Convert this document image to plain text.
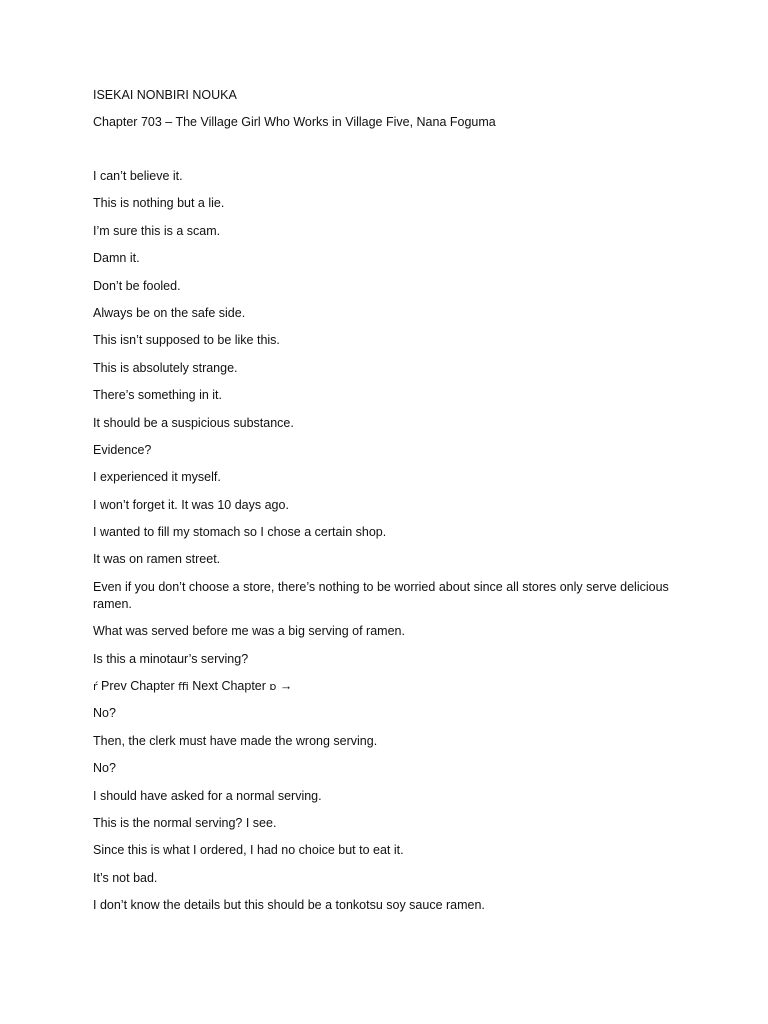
ISEKAI NONBIRI NOUKA

Chapter 703 – The Village Girl Who Works in Village Five, Nana Foguma

I can’t believe it.

This is nothing but a lie.

I’m sure this is a scam.

Damn it.

Don’t be fooled.

Always be on the safe side.

This isn’t supposed to be like this.

This is absolutely strange.

There’s something in it.

It should be a suspicious substance.

Evidence?

I experienced it myself.

I won’t forget it. It was 10 days ago.

I wanted to fill my stomach so I chose a certain shop.

It was on ramen street.

Even if you don’t choose a store, there’s nothing to be worried about since all stores only serve delicious ramen.

What was served before me was a big serving of ramen.

Is this a minotaur’s serving?

ŕ Prev Chapter ﬃ Next Chapter ɒ →

No?

Then, the clerk must have made the wrong serving.

No?

I should have asked for a normal serving.

This is the normal serving? I see.

Since this is what I ordered, I had no choice but to eat it.

It’s not bad.

I don’t know the details but this should be a tonkotsu soy sauce ramen.
